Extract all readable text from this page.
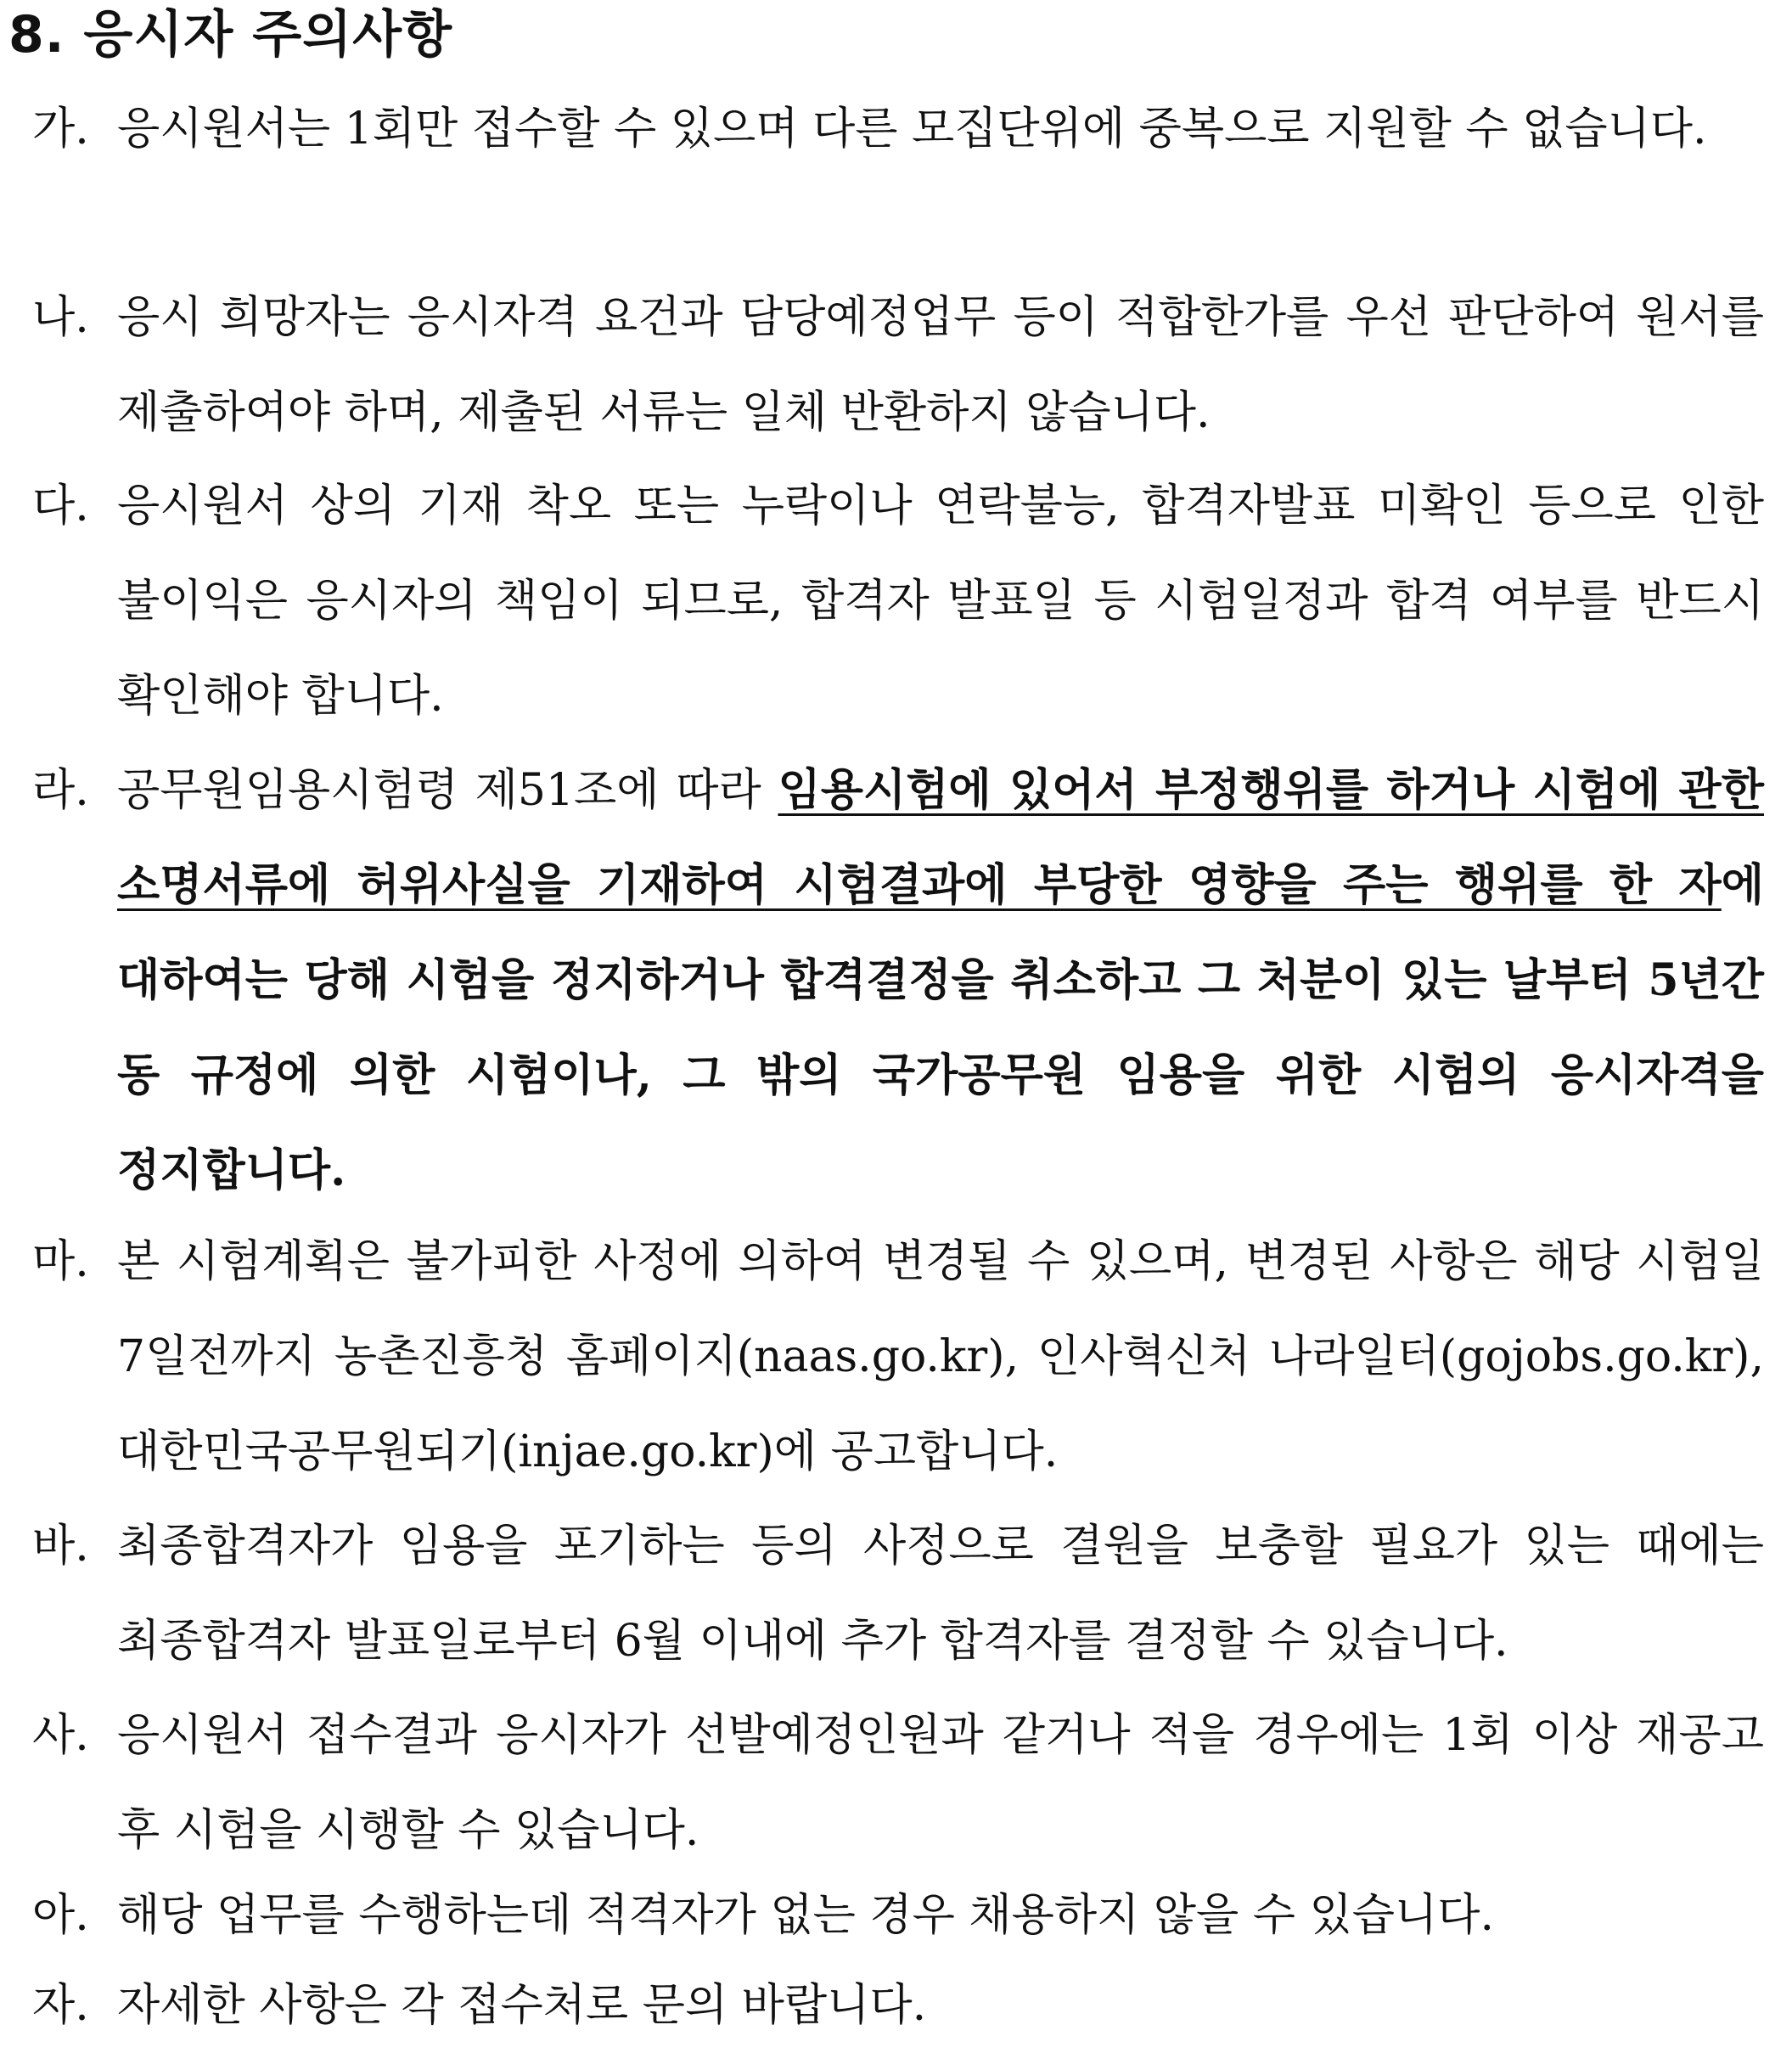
8. 응시자 주의사항
가. 응시원서는 1회만 접수할 수 있으며 다른 모집단위에 중복으로 지원할 수 없습니다.

나. 응시 희망자는 응시자격 요건과 담당예정업무 등이 적합한가를 우선 판단하여 원서를 제출하여야 하며, 제출된 서류는 일체 반환하지 않습니다.

다. 응시원서 상의 기재 착오 또는 누락이나 연락불능, 합격자발표 미확인 등으로 인한 불이익은 응시자의 책임이 되므로, 합격자 발표일 등 시험일정과 합격 여부를 반드시 확인해야 합니다.

라. 공무원임용시험령 제51조에 따라 임용시험에 있어서 부정행위를 하거나 시험에 관한 소명서류에 허위사실을 기재하여 시험결과에 부당한 영향을 주는 행위를 한 자에 대하여는 당해 시험을 정지하거나 합격결정을 취소하고 그 처분이 있는 날부터 5년간 동 규정에 의한 시험이나, 그 밖의 국가공무원 임용을 위한 시험의 응시자격을 정지합니다.

마. 본 시험계획은 불가피한 사정에 의하여 변경될 수 있으며, 변경된 사항은 해당 시험일 7일전까지 농촌진흥청 홈페이지(naas.go.kr), 인사혁신처 나라일터(gojobs.go.kr), 대한민국공무원되기(injae.go.kr)에 공고합니다.

바. 최종합격자가 임용을 포기하는 등의 사정으로 결원을 보충할 필요가 있는 때에는 최종합격자 발표일로부터 6월 이내에 추가 합격자를 결정할 수 있습니다.

사. 응시원서 접수결과 응시자가 선발예정인원과 같거나 적을 경우에는 1회 이상 재공고 후 시험을 시행할 수 있습니다.

아. 해당 업무를 수행하는데 적격자가 없는 경우 채용하지 않을 수 있습니다.

자. 자세한 사항은 각 접수처로 문의 바랍니다.
